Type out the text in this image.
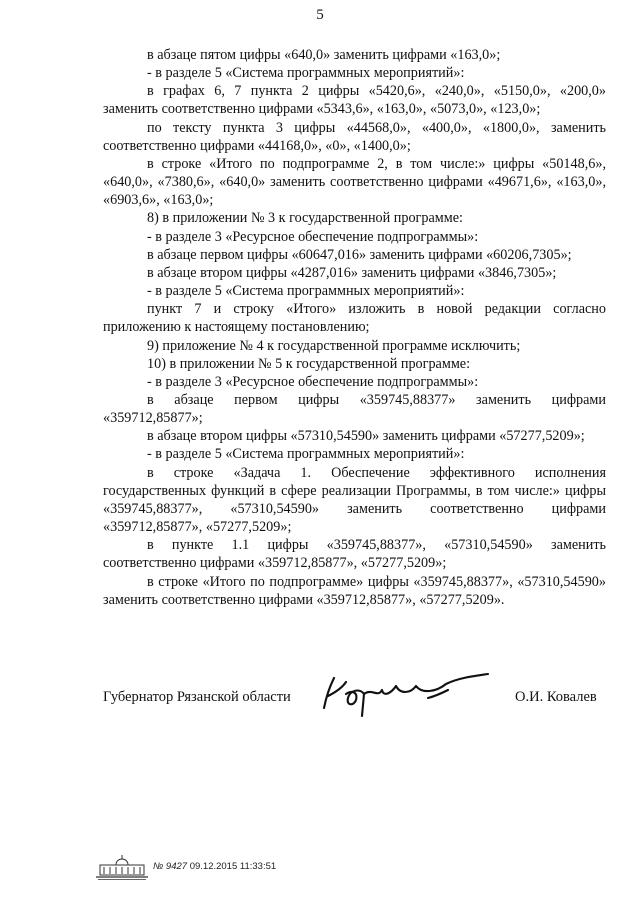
5

в абзаце пятом цифры «640,0» заменить цифрами «163,0»;

- в разделе 5 «Система программных мероприятий»:

в графах 6, 7 пункта 2 цифры «5420,6», «240,0», «5150,0», «200,0» заменить соответственно цифрами «5343,6», «163,0», «5073,0», «123,0»;

по тексту пункта 3 цифры «44568,0», «400,0», «1800,0», заменить соответственно цифрами «44168,0», «0», «1400,0»;

в строке «Итого по подпрограмме 2, в том числе:» цифры «50148,6», «640,0», «7380,6», «640,0» заменить соответственно цифрами «49671,6», «163,0», «6903,6», «163,0»;

8) в приложении № 3 к государственной программе:

- в разделе 3 «Ресурсное обеспечение подпрограммы»:

в абзаце первом цифры «60647,016» заменить цифрами «60206,7305»;

в абзаце втором цифры «4287,016» заменить цифрами «3846,7305»;

- в разделе 5 «Система программных мероприятий»:

пункт 7 и строку «Итого» изложить в новой редакции согласно приложению к настоящему постановлению;

9) приложение № 4 к государственной программе исключить;

10) в приложении № 5 к государственной программе:

- в разделе 3 «Ресурсное обеспечение подпрограммы»:

в абзаце первом цифры «359745,88377» заменить цифрами «359712,85877»;

в абзаце втором цифры «57310,54590» заменить цифрами «57277,5209»;

- в разделе 5 «Система программных мероприятий»:

в строке «Задача 1. Обеспечение эффективного исполнения государственных функций в сфере реализации Программы, в том числе:» цифры «359745,88377», «57310,54590» заменить соответственно цифрами «359712,85877», «57277,5209»;

в пункте 1.1 цифры «359745,88377», «57310,54590» заменить соответственно цифрами «359712,85877», «57277,5209»;

в строке «Итого по подпрограмме» цифры «359745,88377», «57310,54590» заменить соответственно цифрами «359712,85877», «57277,5209».

Губернатор Рязанской области	О.И. Ковалев
№ 9427 09.12.2015 11:33:51
